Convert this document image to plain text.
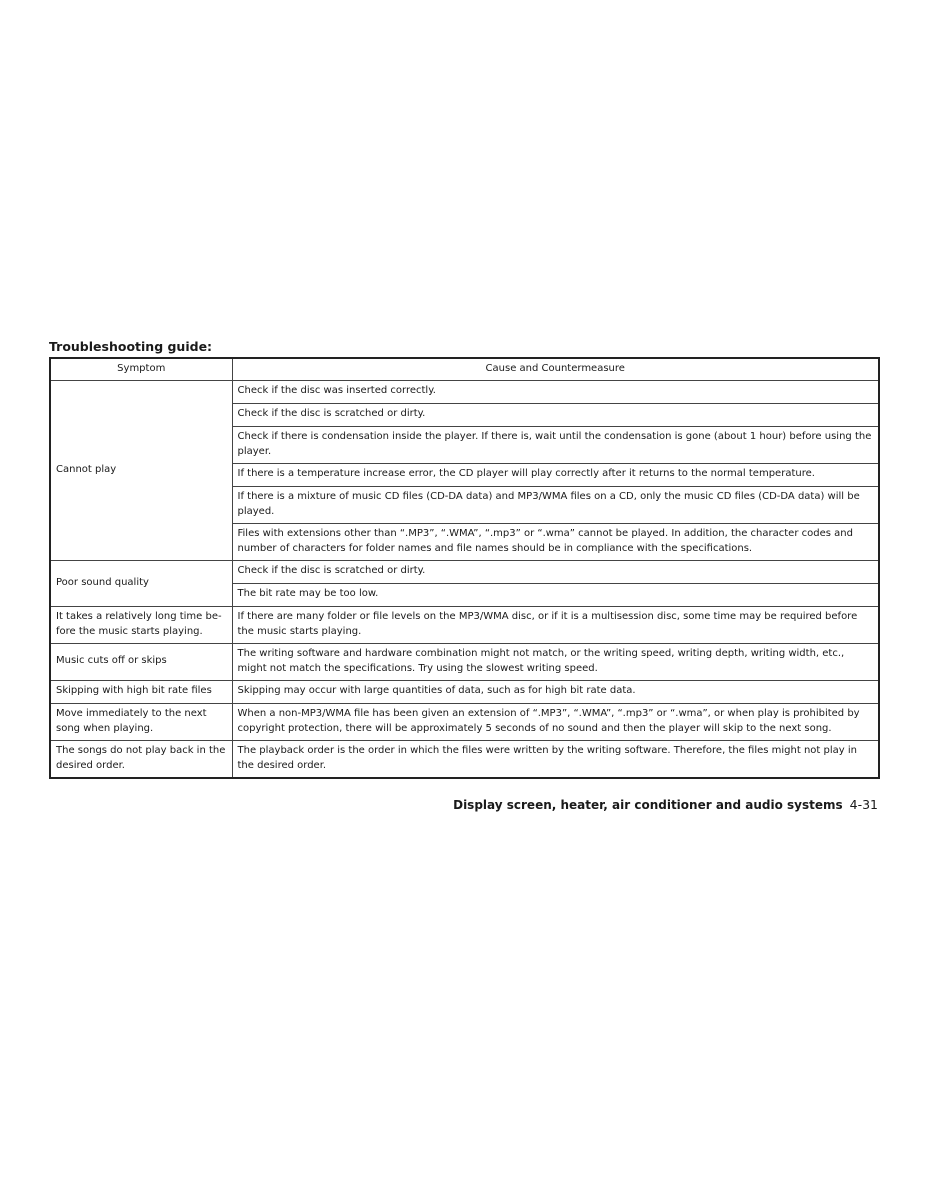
Troubleshooting guide:
Symptom	Cause and Countermeasure
Cannot play	Check if the disc was inserted correctly.
	Check if the disc is scratched or dirty.
	Check if there is condensation inside the player. If there is, wait until the condensation is gone (about 1 hour) before using the player.
	If there is a temperature increase error, the CD player will play correctly after it returns to the normal temperature.
	If there is a mixture of music CD files (CD-DA data) and MP3/WMA files on a CD, only the music CD files (CD-DA data) will be played.
	Files with extensions other than “.MP3”, “.WMA”, “.mp3” or “.wma” cannot be played. In addition, the character codes and number of characters for folder names and file names should be in compliance with the specifications.
Poor sound quality	Check if the disc is scratched or dirty.
	The bit rate may be too low.
It takes a relatively long time be-fore the music starts playing.	If there are many folder or file levels on the MP3/WMA disc, or if it is a multisession disc, some time may be required before the music starts playing.
Music cuts off or skips	The writing software and hardware combination might not match, or the writing speed, writing depth, writing width, etc., might not match the specifications. Try using the slowest writing speed.
Skipping with high bit rate files	Skipping may occur with large quantities of data, such as for high bit rate data.
Move immediately to the next song when playing.	When a non-MP3/WMA file has been given an extension of “.MP3”, “.WMA”, “.mp3” or “.wma”, or when play is prohibited by copyright protection, there will be approximately 5 seconds of no sound and then the player will skip to the next song.
The songs do not play back in the desired order.	The playback order is the order in which the files were written by the writing software. Therefore, the files might not play in the desired order.
Display screen, heater, air conditioner and audio systems 4-31
